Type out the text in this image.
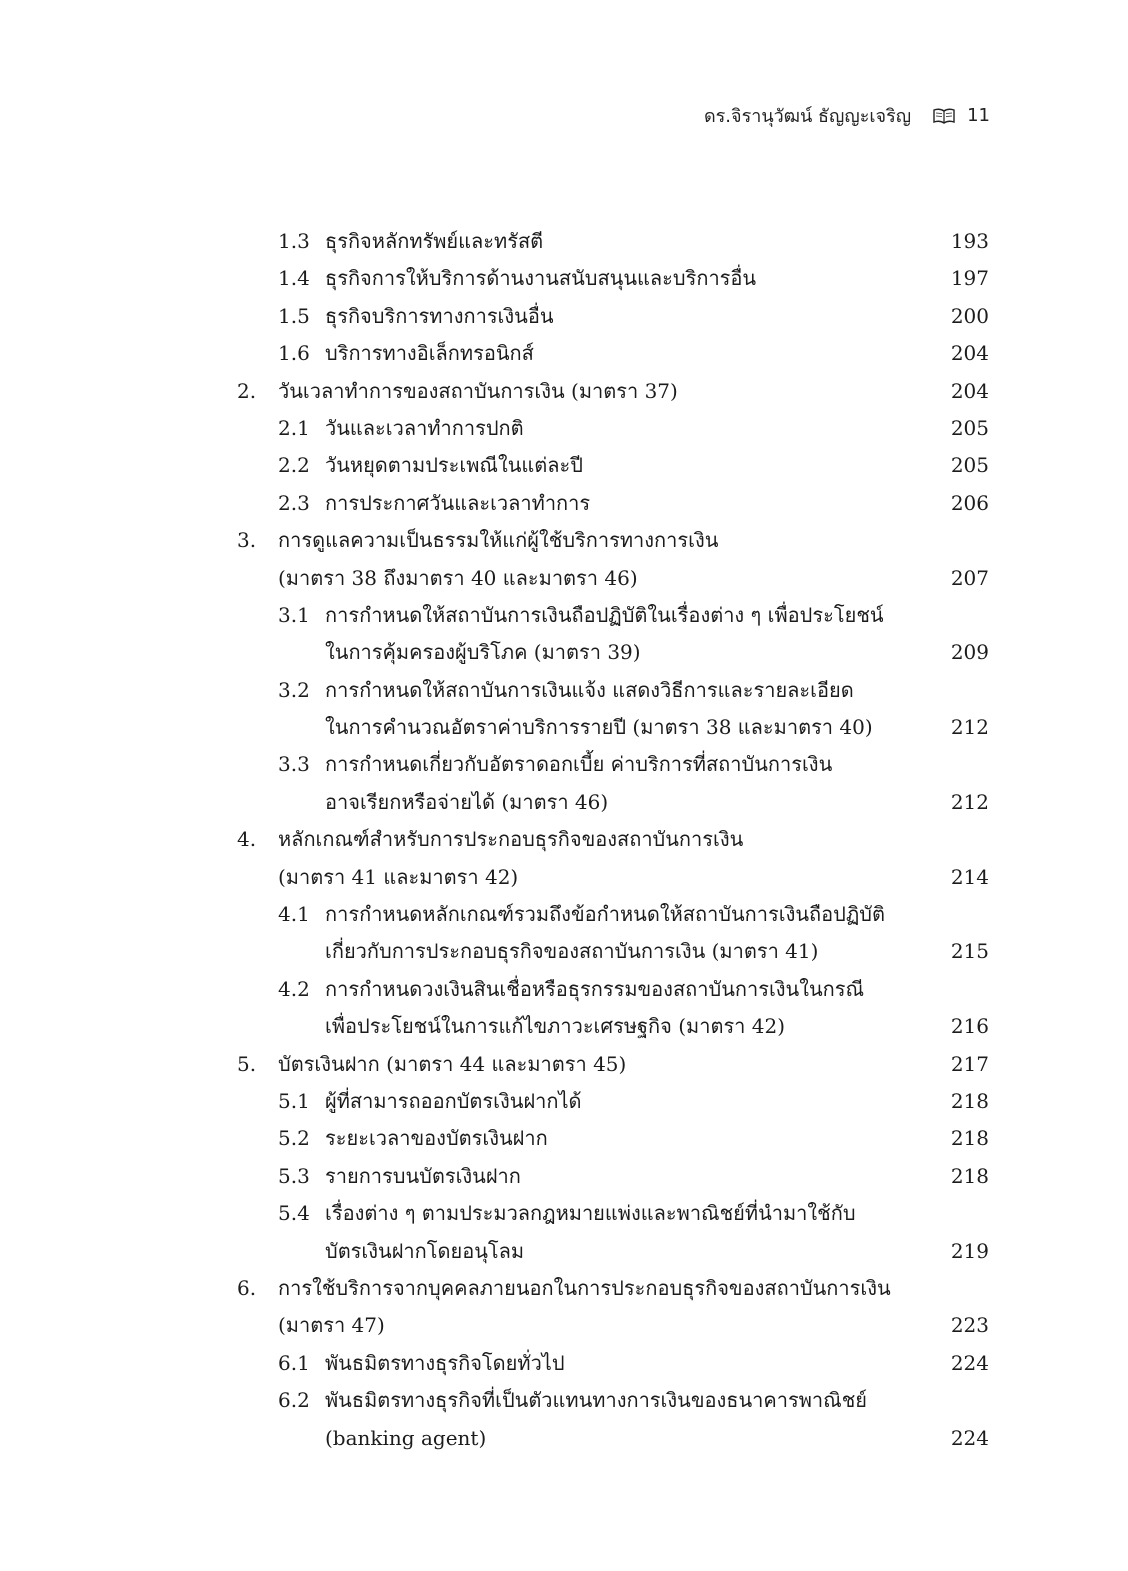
ดร.จิรานุวัฒน์ ธัญญะเจริญ	11
1.3 ธุรกิจหลักทรัพย์และทรัสตี	193
1.4 ธุรกิจการให้บริการด้านงานสนับสนุนและบริการอื่น	197
1.5 ธุรกิจบริการทางการเงินอื่น	200
1.6 บริการทางอิเล็กทรอนิกส์	204
2. วันเวลาทำการของสถาบันการเงิน (มาตรา 37)	204
2.1 วันและเวลาทำการปกติ	205
2.2 วันหยุดตามประเพณีในแต่ละปี	205
2.3 การประกาศวันและเวลาทำการ	206
3. การดูแลความเป็นธรรมให้แก่ผู้ใช้บริการทางการเงิน
(มาตรา 38 ถึงมาตรา 40 และมาตรา 46)	207
3.1 การกำหนดให้สถาบันการเงินถือปฏิบัติในเรื่องต่าง ๆ เพื่อประโยชน์
ในการคุ้มครองผู้บริโภค (มาตรา 39)	209
3.2 การกำหนดให้สถาบันการเงินแจ้ง แสดงวิธีการและรายละเอียด
ในการคำนวณอัตราค่าบริการรายปี (มาตรา 38 และมาตรา 40)	212
3.3 การกำหนดเกี่ยวกับอัตราดอกเบี้ย ค่าบริการที่สถาบันการเงิน
อาจเรียกหรือจ่ายได้ (มาตรา 46)	212
4. หลักเกณฑ์สำหรับการประกอบธุรกิจของสถาบันการเงิน
(มาตรา 41 และมาตรา 42)	214
4.1 การกำหนดหลักเกณฑ์รวมถึงข้อกำหนดให้สถาบันการเงินถือปฏิบัติ
เกี่ยวกับการประกอบธุรกิจของสถาบันการเงิน (มาตรา 41)	215
4.2 การกำหนดวงเงินสินเชื่อหรือธุรกรรมของสถาบันการเงินในกรณี
เพื่อประโยชน์ในการแก้ไขภาวะเศรษฐกิจ (มาตรา 42)	216
5. บัตรเงินฝาก (มาตรา 44 และมาตรา 45)	217
5.1 ผู้ที่สามารถออกบัตรเงินฝากได้	218
5.2 ระยะเวลาของบัตรเงินฝาก	218
5.3 รายการบนบัตรเงินฝาก	218
5.4 เรื่องต่าง ๆ ตามประมวลกฎหมายแพ่งและพาณิชย์ที่นำมาใช้กับ
บัตรเงินฝากโดยอนุโลม	219
6. การใช้บริการจากบุคคลภายนอกในการประกอบธุรกิจของสถาบันการเงิน
(มาตรา 47)	223
6.1 พันธมิตรทางธุรกิจโดยทั่วไป	224
6.2 พันธมิตรทางธุรกิจที่เป็นตัวแทนทางการเงินของธนาคารพาณิชย์
(banking agent)	224
